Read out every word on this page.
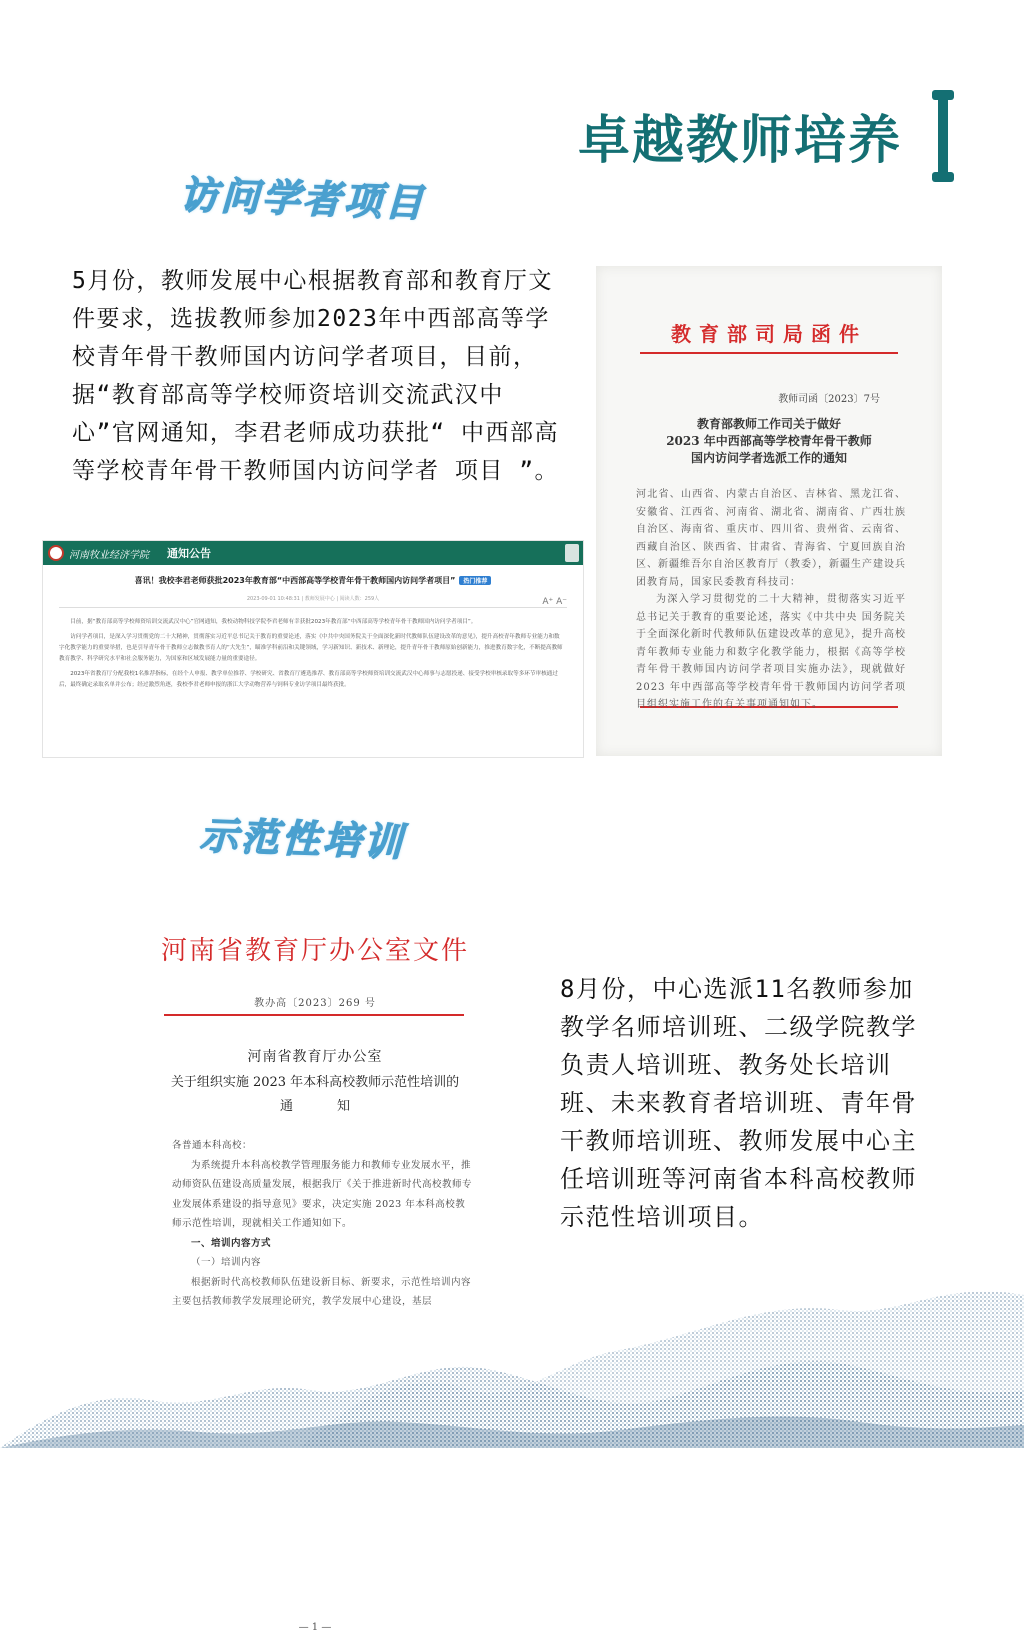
卓越教师培养
访问学者项目
5月份，教师发展中心根据教育部和教育厅文件要求，选拔教师参加2023年中西部高等学校青年骨干教师国内访问学者项目，目前，据“教育部高等学校师资培训交流武汉中心”官网通知，李君老师成功获批“ 中西部高等学校青年骨干教师国内访问学者 项目 ”。
教育部司局函件
教师司函〔2023〕7号
教育部教师工作司关于做好
2023 年中西部高等学校青年骨干教师
国内访问学者选派工作的通知

河北省、山西省、内蒙古自治区、吉林省、黑龙江省、安徽省、江西省、河南省、湖北省、湖南省、广西壮族自治区、海南省、重庆市、四川省、贵州省、云南省、西藏自治区、陕西省、甘肃省、青海省、宁夏回族自治区、新疆维吾尔自治区教育厅（教委），新疆生产建设兵团教育局，国家民委教育科技司：

为深入学习贯彻党的二十大精神，贯彻落实习近平总书记关于教育的重要论述，落实《中共中央 国务院关于全面深化新时代教师队伍建设改革的意见》，提升高校青年教师专业能力和数字化教学能力，根据《高等学校青年骨干教师国内访问学者项目实施办法》，现就做好 2023 年中西部高等学校青年骨干教师国内访问学者项目组织实施工作的有关事项通知如下。

河南牧业经济学院 通知公告
喜讯！我校李君老师获批2023年教育部“中西部高等学校青年骨干教师国内访问学者项目” 热门推荐
2023-09-01 10:48:31 | 教师发展中心 | 阅读人数：259人	A⁺ A⁻

目前，据“教育部高等学校师资培训交流武汉中心”官网通知，我校动物科技学院李君老师有幸获批2023年教育部“中西部高等学校青年骨干教师国内访问学者项目”。

访问学者项目，是深入学习贯彻党的二十大精神，贯彻落实习近平总书记关于教育的重要论述，落实《中共中央国务院关于全面深化新时代教师队伍建设改革的意见》，提升高校青年教师专业能力和数字化教学能力的重要举措，也是引导青年骨干教师立志做教书育人的“大先生”，瞄准学科前沿和关键领域，学习新知识、新技术、新理论，提升青年骨干教师原始创新能力，推进教育数字化，不断提高教师教育教学、科学研究水平和社会服务能力，为国家和区域发展能力量的重要途径。

2023年省教育厅分配我校1名推荐指标，在经个人申报、教学单位推荐、学校研究、省教育厅遴选推荐、教育部高等学校师资培训交流武汉中心师事与志愿投递、接受学校审核录取等多环节审核通过后，最终确定录取名单并公布；经过激烈角逐，我校李君老师申报的浙江大学动物营养与饲料专业访学项目最终获批。

示范性培训
河南省教育厅办公室文件
教办高〔2023〕269 号
河南省教育厅办公室
关于组织实施 2023 年本科高校教师示范性培训的
通知

各普通本科高校：

为系统提升本科高校教学管理服务能力和教师专业发展水平，推动师资队伍建设高质量发展，根据我厅《关于推进新时代高校教师专业发展体系建设的指导意见》要求，决定实施 2023 年本科高校教师示范性培训，现就相关工作通知如下。

一、培训内容方式

（一）培训内容

根据新时代高校教师队伍建设新目标、新要求，示范性培训内容主要包括教师教学发展理论研究，教学发展中心建设，基层

— 1 —
8月份，中心选派11名教师参加教学名师培训班、二级学院教学负责人培训班、教务处长培训班、未来教育者培训班、青年骨干教师培训班、教师发展中心主任培训班等河南省本科高校教师示范性培训项目。
